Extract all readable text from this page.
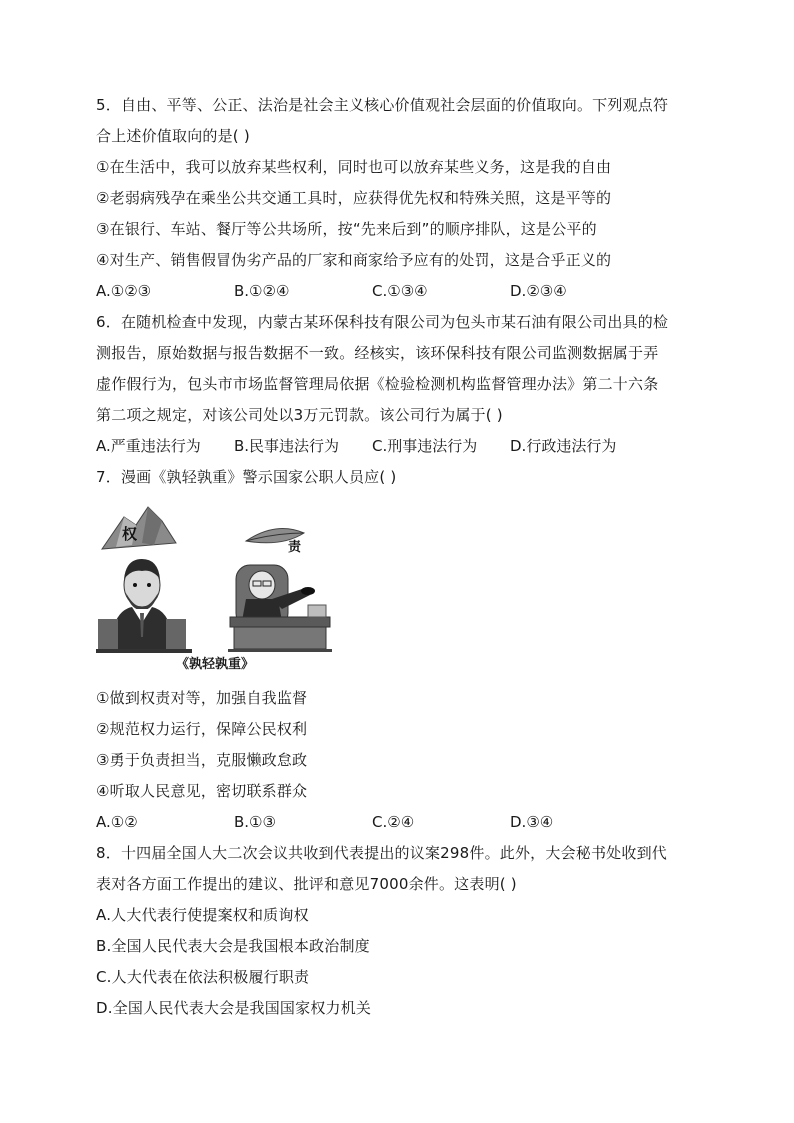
5．自由、平等、公正、法治是社会主义核心价值观社会层面的价值取向。下列观点符
合上述价值取向的是( )
①在生活中，我可以放弃某些权利，同时也可以放弃某些义务，这是我的自由
②老弱病残孕在乘坐公共交通工具时，应获得优先权和特殊关照，这是平等的
③在银行、车站、餐厅等公共场所，按“先来后到”的顺序排队，这是公平的
④对生产、销售假冒伪劣产品的厂家和商家给予应有的处罚，这是合乎正义的
A.①②③	B.①②④	C.①③④	D.②③④
6．在随机检查中发现，内蒙古某环保科技有限公司为包头市某石油有限公司出具的检
测报告，原始数据与报告数据不一致。经核实，该环保科技有限公司监测数据属于弄
虚作假行为，包头市市场监督管理局依据《检验检测机构监督管理办法》第二十六条
第二项之规定，对该公司处以3万元罚款。该公司行为属于( )
A.严重违法行为	B.民事违法行为	C.刑事违法行为	D.行政违法行为
7．漫画《孰轻孰重》警示国家公职人员应( )
权
责
《孰轻孰重》
①做到权责对等，加强自我监督
②规范权力运行，保障公民权利
③勇于负责担当，克服懒政怠政
④听取人民意见，密切联系群众
A.①②	B.①③	C.②④	D.③④
8．十四届全国人大二次会议共收到代表提出的议案298件。此外，大会秘书处收到代
表对各方面工作提出的建议、批评和意见7000余件。这表明( )
A.人大代表行使提案权和质询权
B.全国人民代表大会是我国根本政治制度
C.人大代表在依法积极履行职责
D.全国人民代表大会是我国国家权力机关
